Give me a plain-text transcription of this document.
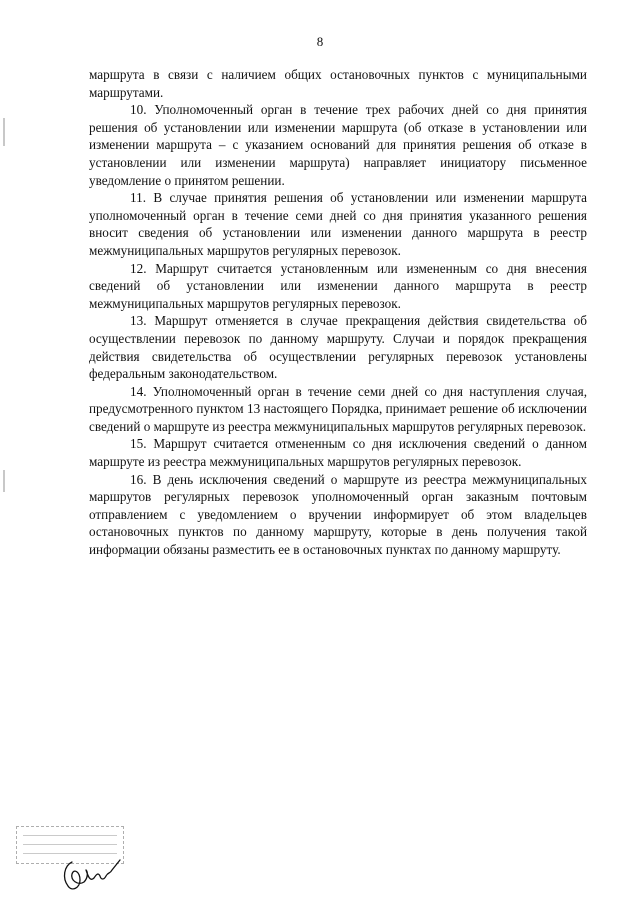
8

маршрута в связи с наличием общих остановочных пунктов с муниципальными маршрутами.

10. Уполномоченный орган в течение трех рабочих дней со дня принятия решения об установлении или изменении маршрута (об отказе в установлении или изменении маршрута – с указанием оснований для принятия решения об отказе в установлении или изменении маршрута) направляет инициатору письменное уведомление о принятом решении.

11. В случае принятия решения об установлении или изменении маршрута уполномоченный орган в течение семи дней со дня принятия указанного решения вносит сведения об установлении или изменении данного маршрута в реестр межмуниципальных маршрутов регулярных перевозок.

12. Маршрут считается установленным или измененным со дня внесения сведений об установлении или изменении данного маршрута в реестр межмуниципальных маршрутов регулярных перевозок.

13. Маршрут отменяется в случае прекращения действия свидетельства об осуществлении перевозок по данному маршруту. Случаи и порядок прекращения действия свидетельства об осуществлении регулярных перевозок установлены федеральным законодательством.

14. Уполномоченный орган в течение семи дней со дня наступления случая, предусмотренного пунктом 13 настоящего Порядка, принимает решение об исключении сведений о маршруте из реестра межмуниципальных маршрутов регулярных перевозок.

15. Маршрут считается отмененным со дня исключения сведений о данном маршруте из реестра межмуниципальных маршрутов регулярных перевозок.

16. В день исключения сведений о маршруте из реестра межмуниципальных маршрутов регулярных перевозок уполномоченный орган заказным почтовым отправлением с уведомлением о вручении информирует об этом владельцев остановочных пунктов по данному маршруту, которые в день получения такой информации обязаны разместить ее в остановочных пунктах по данному маршруту.
